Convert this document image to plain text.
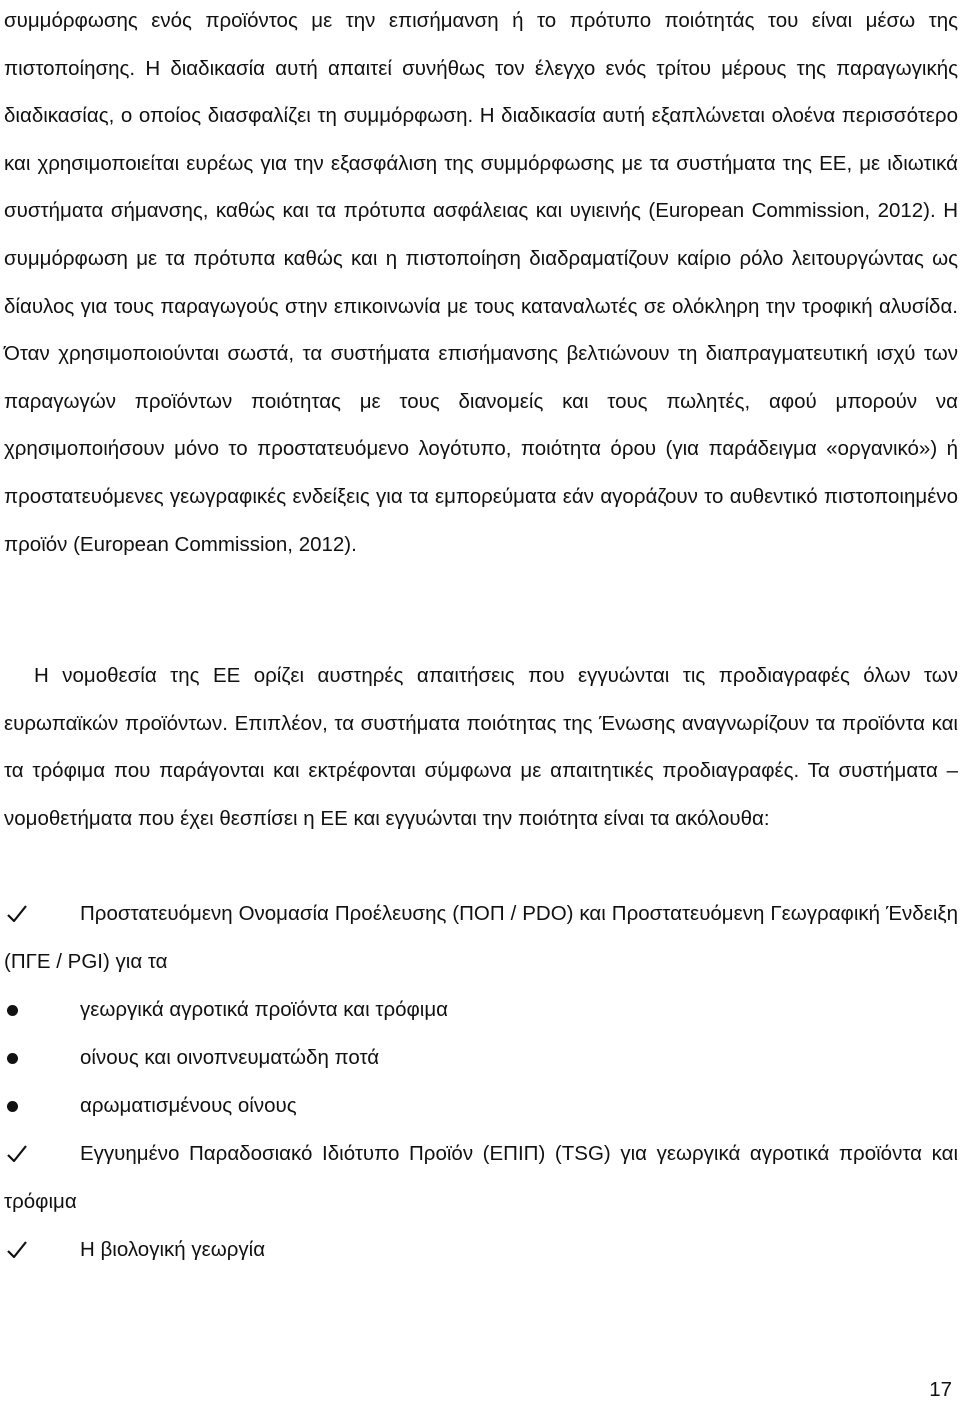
συμμόρφωσης ενός προϊόντος με την επισήμανση ή το πρότυπο ποιότητάς του είναι μέσω της πιστοποίησης. Η διαδικασία αυτή απαιτεί συνήθως τον έλεγχο ενός τρίτου μέρους της παραγωγικής διαδικασίας, ο οποίος διασφαλίζει τη συμμόρφωση. Η διαδικασία αυτή εξαπλώνεται ολοένα περισσότερο και χρησιμοποιείται ευρέως για την εξασφάλιση της συμμόρφωσης με τα συστήματα της ΕΕ, με ιδιωτικά συστήματα σήμανσης, καθώς και τα πρότυπα ασφάλειας και υγιεινής (European Commission, 2012). Η συμμόρφωση με τα πρότυπα καθώς και η πιστοποίηση διαδραματίζουν καίριο ρόλο λειτουργώντας ως δίαυλος για τους παραγωγούς στην επικοινωνία με τους καταναλωτές σε ολόκληρη την τροφική αλυσίδα. Όταν χρησιμοποιούνται σωστά, τα συστήματα επισήμανσης βελτιώνουν τη διαπραγματευτική ισχύ των παραγωγών προϊόντων ποιότητας με τους διανομείς και τους πωλητές, αφού μπορούν να χρησιμοποιήσουν μόνο το προστατευόμενο λογότυπο, ποιότητα όρου (για παράδειγμα «οργανικό») ή προστατευόμενες γεωγραφικές ενδείξεις για τα εμπορεύματα εάν αγοράζουν το αυθεντικό πιστοποιημένο προϊόν (European Commission, 2012).

Η νομοθεσία της ΕΕ ορίζει αυστηρές απαιτήσεις που εγγυώνται τις προδιαγραφές όλων των ευρωπαϊκών προϊόντων. Επιπλέον, τα συστήματα ποιότητας της Ένωσης αναγνωρίζουν τα προϊόντα και τα τρόφιμα που παράγονται και εκτρέφονται σύμφωνα με απαιτητικές προδιαγραφές. Τα συστήματα – νομοθετήματα που έχει θεσπίσει η ΕΕ και εγγυώνται την ποιότητα είναι τα ακόλουθα:

Προστατευόμενη Ονομασία Προέλευσης (ΠΟΠ / PDO) και Προστατευόμενη Γεωγραφική Ένδειξη (ΠΓΕ / PGI) για τα

γεωργικά αγροτικά προϊόντα και τρόφιμα

οίνους και οινοπνευματώδη ποτά

αρωματισμένους οίνους

Εγγυημένο Παραδοσιακό Ιδιότυπο Προϊόν (ΕΠΙΠ) (TSG) για γεωργικά αγροτικά προϊόντα και τρόφιμα

Η βιολογική γεωργία

17
